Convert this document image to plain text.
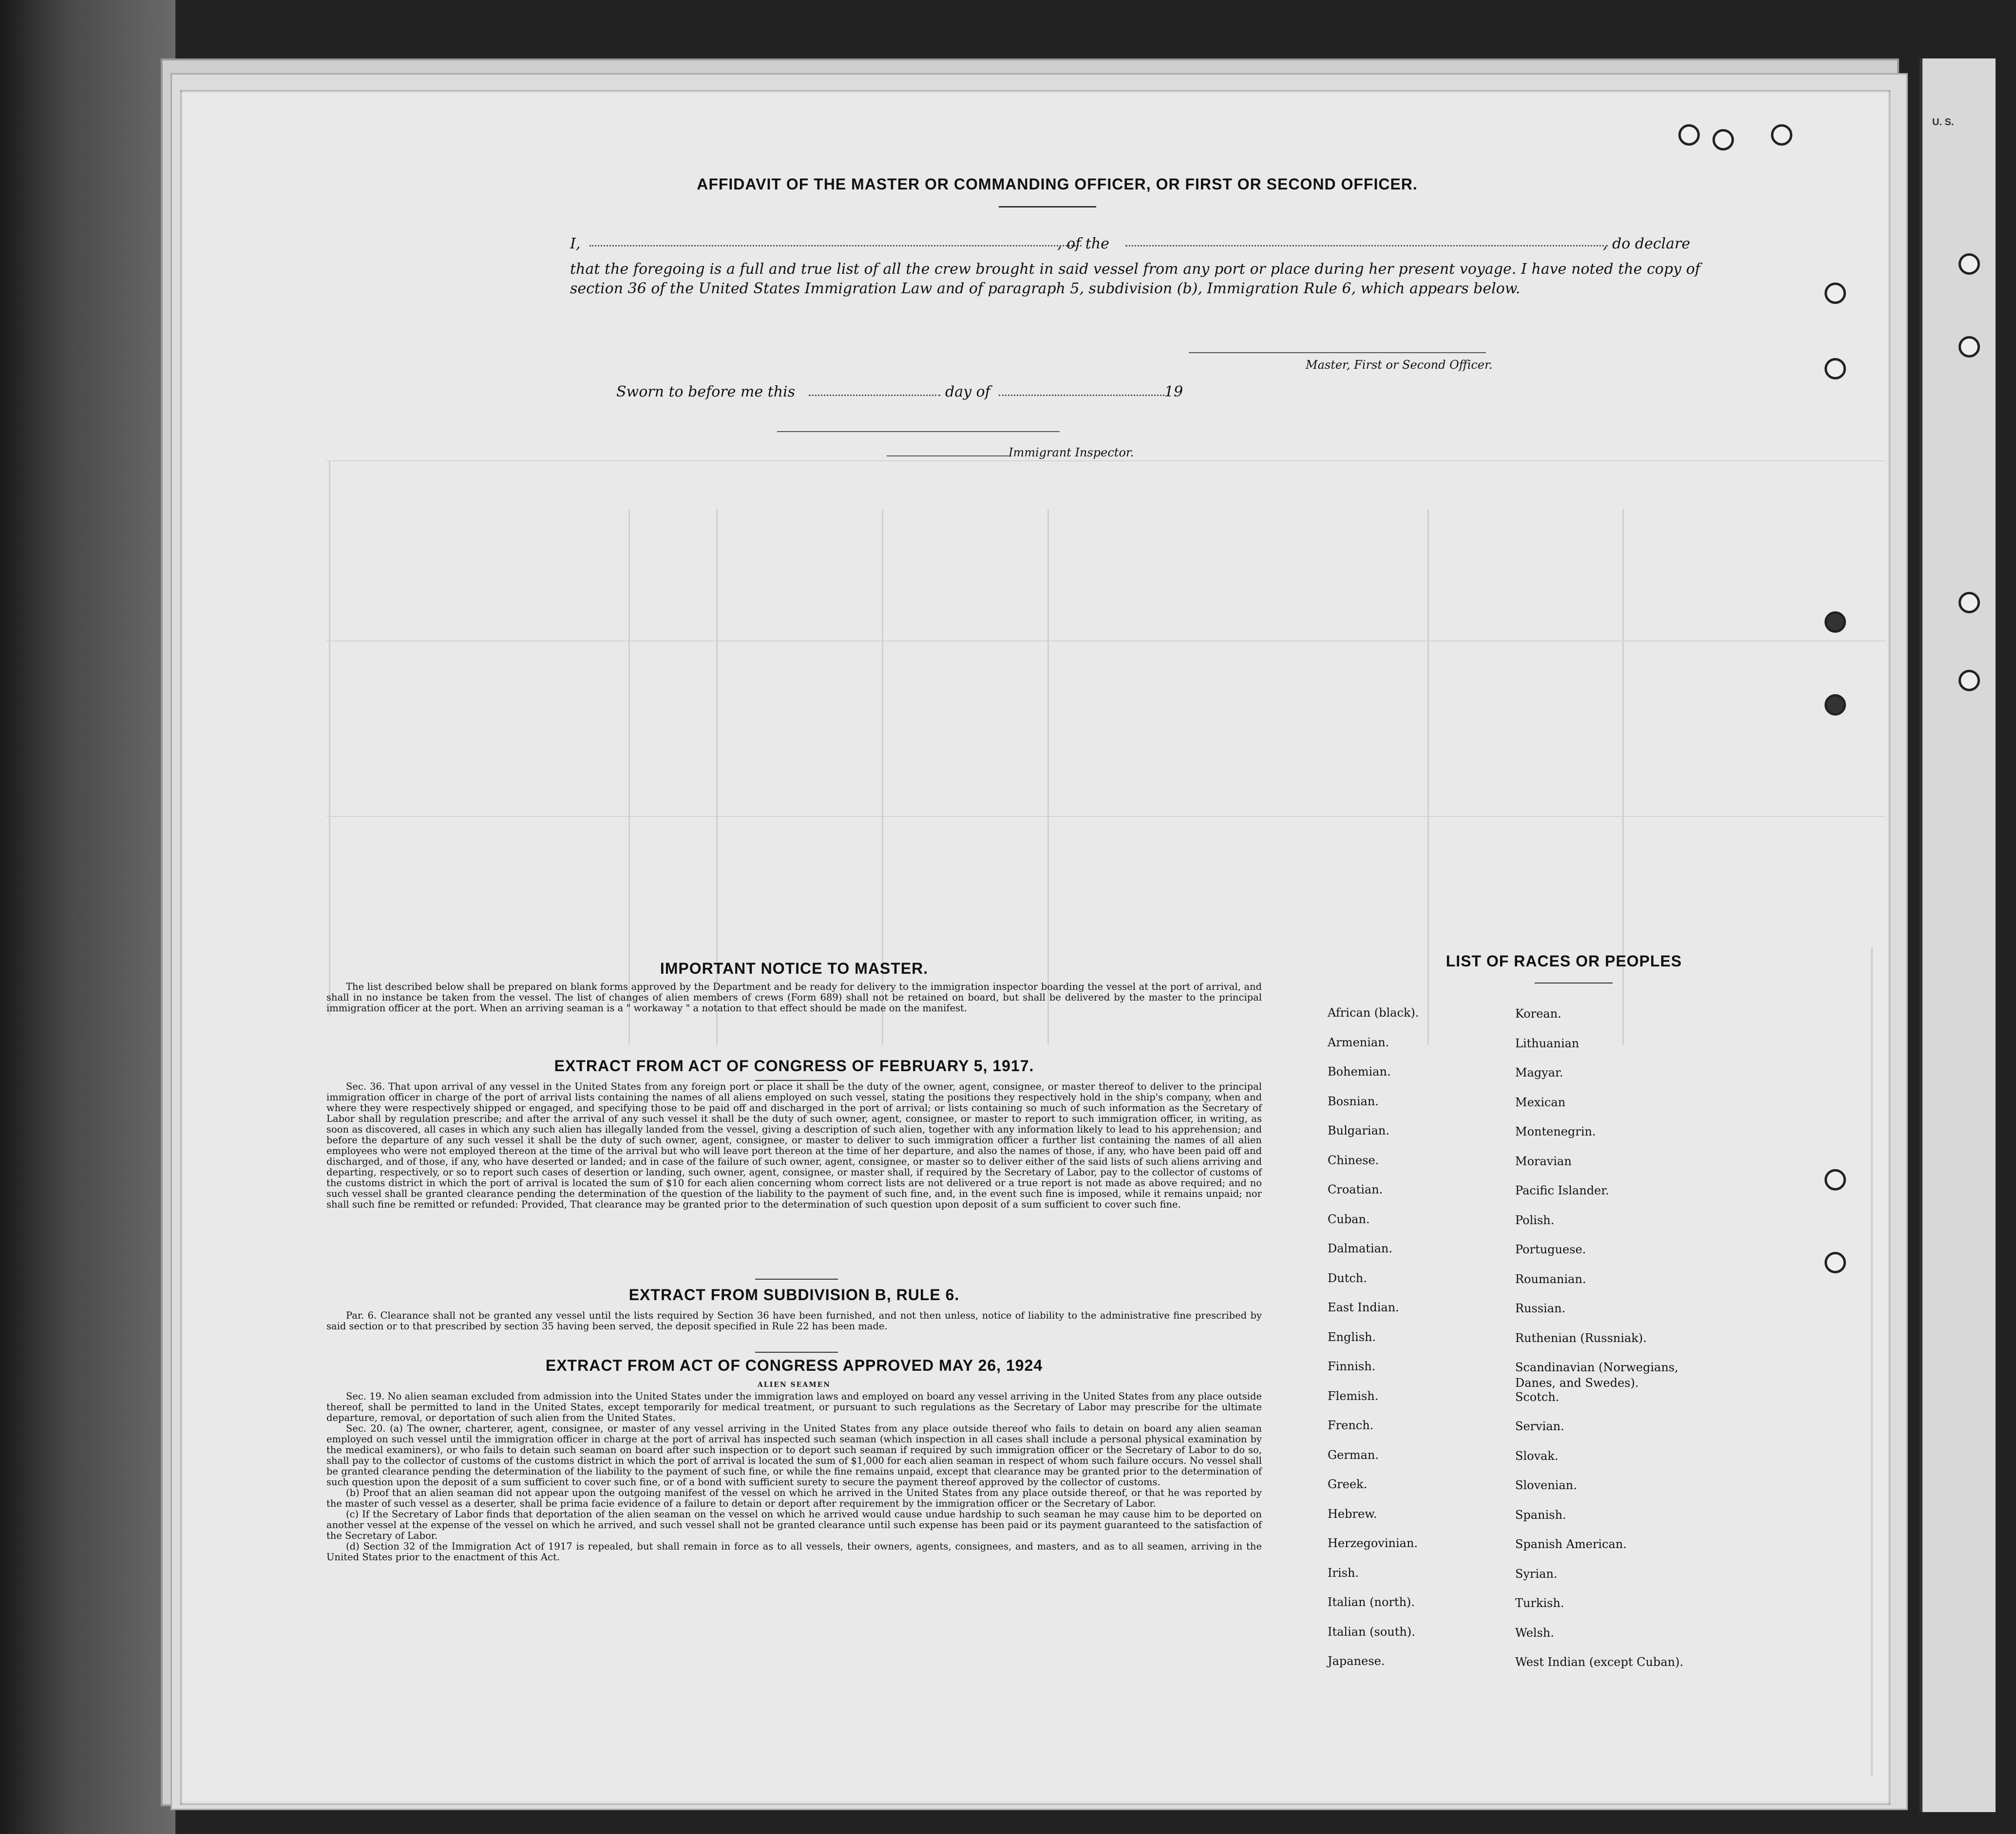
U. S.
AFFIDAVIT OF THE MASTER OR COMMANDING OFFICER, OR FIRST OR SECOND OFFICER.
I,	, of the	, do declare
that the foregoing is a full and true list of all the crew brought in said vessel from any port or place during her present voyage. I have noted the copy of section 36 of the United States Immigration Law and of paragraph 5, subdivision (b), Immigration Rule 6, which appears below.
Master, First or Second Officer.
Sworn to before me this	day of	19
Immigrant Inspector.
IMPORTANT NOTICE TO MASTER.

The list described below shall be prepared on blank forms approved by the Department and be ready for delivery to the immigration inspector boarding the vessel at the port of arrival, and shall in no instance be taken from the vessel. The list of changes of alien members of crews (Form 689) shall not be retained on board, but shall be delivered by the master to the principal immigration officer at the port. When an arriving seaman is a " workaway " a notation to that effect should be made on the manifest.

EXTRACT FROM ACT OF CONGRESS OF FEBRUARY 5, 1917.

Sec. 36. That upon arrival of any vessel in the United States from any foreign port or place it shall be the duty of the owner, agent, consignee, or master thereof to deliver to the principal immigration officer in charge of the port of arrival lists containing the names of all aliens employed on such vessel, stating the positions they respectively hold in the ship's company, when and where they were respectively shipped or engaged, and specifying those to be paid off and discharged in the port of arrival; or lists containing so much of such information as the Secretary of Labor shall by regulation prescribe; and after the arrival of any such vessel it shall be the duty of such owner, agent, consignee, or master to report to such immigration officer, in writing, as soon as discovered, all cases in which any such alien has illegally landed from the vessel, giving a description of such alien, together with any information likely to lead to his apprehension; and before the departure of any such vessel it shall be the duty of such owner, agent, consignee, or master to deliver to such immigration officer a further list containing the names of all alien employees who were not employed thereon at the time of the arrival but who will leave port thereon at the time of her departure, and also the names of those, if any, who have been paid off and discharged, and of those, if any, who have deserted or landed; and in case of the failure of such owner, agent, consignee, or master so to deliver either of the said lists of such aliens arriving and departing, respectively, or so to report such cases of desertion or landing, such owner, agent, consignee, or master shall, if required by the Secretary of Labor, pay to the collector of customs of the customs district in which the port of arrival is located the sum of $10 for each alien concerning whom correct lists are not delivered or a true report is not made as above required; and no such vessel shall be granted clearance pending the determination of the question of the liability to the payment of such fine, and, in the event such fine is imposed, while it remains unpaid; nor shall such fine be remitted or refunded: Provided, That clearance may be granted prior to the determination of such question upon deposit of a sum sufficient to cover such fine.

EXTRACT FROM SUBDIVISION B, RULE 6.

Par. 6. Clearance shall not be granted any vessel until the lists required by Section 36 have been furnished, and not then unless, notice of liability to the administrative fine prescribed by said section or to that prescribed by section 35 having been served, the deposit specified in Rule 22 has been made.

EXTRACT FROM ACT OF CONGRESS APPROVED MAY 26, 1924

ALIEN SEAMEN

Sec. 19. No alien seaman excluded from admission into the United States under the immigration laws and employed on board any vessel arriving in the United States from any place outside thereof, shall be permitted to land in the United States, except temporarily for medical treatment, or pursuant to such regulations as the Secretary of Labor may prescribe for the ultimate departure, removal, or deportation of such alien from the United States.

Sec. 20. (a) The owner, charterer, agent, consignee, or master of any vessel arriving in the United States from any place outside thereof who fails to detain on board any alien seaman employed on such vessel until the immigration officer in charge at the port of arrival has inspected such seaman (which inspection in all cases shall include a personal physical examination by the medical examiners), or who fails to detain such seaman on board after such inspection or to deport such seaman if required by such immigration officer or the Secretary of Labor to do so, shall pay to the collector of customs of the customs district in which the port of arrival is located the sum of $1,000 for each alien seaman in respect of whom such failure occurs. No vessel shall be granted clearance pending the determination of the liability to the payment of such fine, or while the fine remains unpaid, except that clearance may be granted prior to the determination of such question upon the deposit of a sum sufficient to cover such fine, or of a bond with sufficient surety to secure the payment thereof approved by the collector of customs.

(b) Proof that an alien seaman did not appear upon the outgoing manifest of the vessel on which he arrived in the United States from any place outside thereof, or that he was reported by the master of such vessel as a deserter, shall be prima facie evidence of a failure to detain or deport after requirement by the immigration officer or the Secretary of Labor.

(c) If the Secretary of Labor finds that deportation of the alien seaman on the vessel on which he arrived would cause undue hardship to such seaman he may cause him to be deported on another vessel at the expense of the vessel on which he arrived, and such vessel shall not be granted clearance until such expense has been paid or its payment guaranteed to the satisfaction of the Secretary of Labor.

(d) Section 32 of the Immigration Act of 1917 is repealed, but shall remain in force as to all vessels, their owners, agents, consignees, and masters, and as to all seamen, arriving in the United States prior to the enactment of this Act.

LIST OF RACES OR PEOPLES
African (black).	Korean.
Armenian.	Lithuanian
Bohemian.	Magyar.
Bosnian.	Mexican
Bulgarian.	Montenegrin.
Chinese.	Moravian
Croatian.	Pacific Islander.
Cuban.	Polish.
Dalmatian.	Portuguese.
Dutch.	Roumanian.
East Indian.	Russian.
English.	Ruthenian (Russniak).
Finnish.	Scandinavian (Norwegians, Danes, and Swedes).
Flemish.	Scotch.
French.	Servian.
German.	Slovak.
Greek.	Slovenian.
Hebrew.	Spanish.
Herzegovinian.	Spanish American.
Irish.	Syrian.
Italian (north).	Turkish.
Italian (south).	Welsh.
Japanese.	West Indian (except Cuban).
